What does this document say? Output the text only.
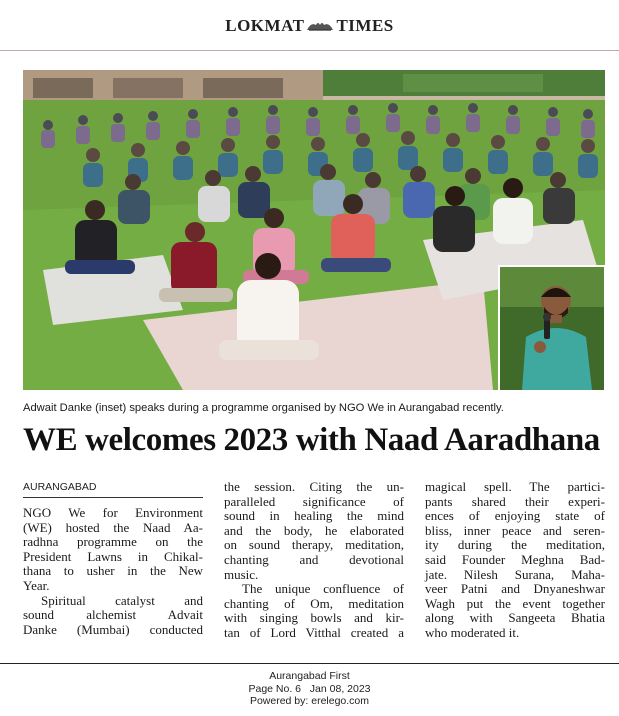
LOKMAT TIMES
Adwait Danke (inset) speaks during a programme organised by NGO We in Aurangabad recently.
WE welcomes 2023 with Naad Aaradhana
AURANGABAD
NGO We for Environment
(WE) hosted the Naad Aa-
radhna programme on the
President Lawns in Chikal-
thana to usher in the New
Year.
Spiritual catalyst and
sound alchemist Advait
Danke (Mumbai) conducted
the session. Citing the un-
paralleled significance of
sound in healing the mind
and the body, he elaborated
on sound therapy, meditation,
chanting and devotional
music.
The unique confluence of
chanting of Om, meditation
with singing bowls and kir-
tan of Lord Vitthal created a
magical spell. The partici-
pants shared their experi-
ences of enjoying state of
bliss, inner peace and seren-
ity during the meditation,
said Founder Meghna Bad-
jate. Nilesh Surana, Maha-
veer Patni and Dnyaneshwar
Wagh put the event together
along with Sangeeta Bhatia
who moderated it.
Aurangabad First
Page No. 6 Jan 08, 2023
Powered by: erelego.com
